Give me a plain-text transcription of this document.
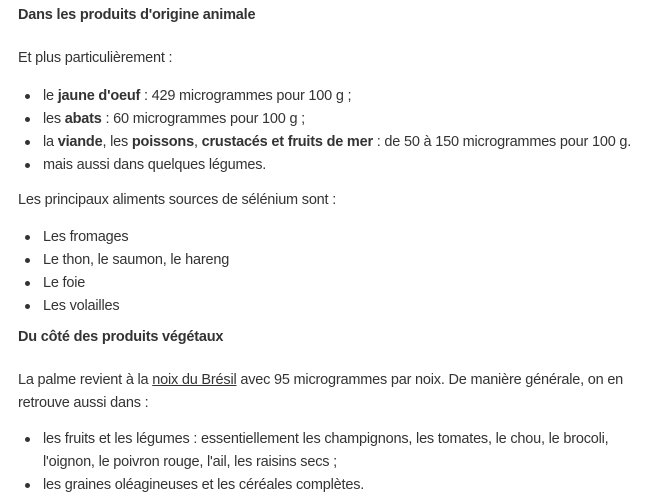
Dans les produits d'origine animale

Et plus particulièrement :

le jaune d'oeuf : 429 microgrammes pour 100 g ;
les abats : 60 microgrammes pour 100 g ;
la viande, les poissons, crustacés et fruits de mer : de 50 à 150 microgrammes pour 100 g.
mais aussi dans quelques légumes.

Les principaux aliments sources de sélénium sont :

Les fromages
Le thon, le saumon, le hareng
Le foie
Les volailles
Du côté des produits végétaux

La palme revient à la noix du Brésil avec 95 microgrammes par noix. De manière générale, on en retrouve aussi dans :

les fruits et les légumes : essentiellement les champignons, les tomates, le chou, le brocoli, l'oignon, le poivron rouge, l'ail, les raisins secs ;
les graines oléagineuses et les céréales complètes.
